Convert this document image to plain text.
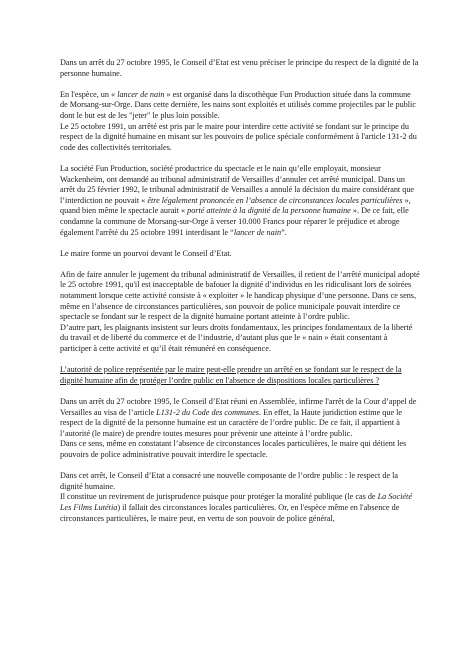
Dans un arrêt du 27 octobre 1995, le Conseil d’Etat est venu préciser le principe du respect de la dignité de la personne humaine.

En l'espèce, un « lancer de nain » est organisé dans la discothèque Fun Production située dans la commune de Morsang-sur-Orge. Dans cette dernière, les nains sont exploités et utilisés comme projectiles par le public dont le but est de les "jeter" le plus loin possible.
Le 25 octobre 1991, un arrêté est pris par le maire pour interdire cette activité se fondant sur le principe du respect de la dignité humaine en misant sur les pouvoirs de police spéciale conformément à l'article 131-2 du code des collectivités territoriales.

La société Fun Production, société productrice du spectacle et le nain qu’elle employait, monsieur Wackenheim, ont demandé au tribunal administratif de Versailles d’annuler cet arrêté municipal. Dans un arrêt du 25 février 1992, le tribunal administratif de Versailles a annulé la décision du maire considérant que l’interdiction ne pouvait « être légalement prononcée en l’absence de circonstances locales particulières », quand bien même le spectacle aurait « porté atteinte à la dignité de la personne humaine ». De ce fait, elle condamne la commune de Morsang-sur-Orge à verser 10.000 Francs pour réparer le préjudice et abroge également l'arrêté du 25 octobre 1991 interdisant le “lancer de nain”.

Le maire forme un pourvoi devant le Conseil d’Etat.

Afin de faire annuler le jugement du tribunal administratif de Versailles, il retient de l’arrêté municipal adopté le 25 octobre 1991, qu'il est inacceptable de bafouer la dignité d’individus en les ridiculisant lors de soirées notamment lorsque cette activité consiste à « exploiter » le handicap physique d’une personne. Dans ce sens, même en l’absence de circonstances particulières, son pouvoir de police municipale pouvait interdire ce spectacle se fondant sur le respect de la dignité humaine portant atteinte à l’ordre public.
D’autre part, les plaignants insistent sur leurs droits fondamentaux, les principes fondamentaux de la liberté du travail et de liberté du commerce et de l’industrie, d’autant plus que le « nain » était consentant à participer à cette activité et qu’il était rémunéré en conséquence.

L’autorité de police représentée par le maire peut-elle prendre un arrêté en se fondant sur le respect de la dignité humaine afin de protéger l’ordre public en l'absence de dispositions locales particulières ?

Dans un arrêt du 27 octobre 1995, le Conseil d’Etat réuni en Assemblée, infirme l'arrêt de la Cour d’appel de Versailles au visa de l’article L131-2 du Code des communes. En effet, la Haute juridiction estime que le respect de la dignité de la personne humaine est un caractère de l’ordre public. De ce fait, il appartient à l’autorité (le maire) de prendre toutes mesures pour prévenir une atteinte à l’ordre public.
Dans ce sens, même en constatant l’absence de circonstances locales particulières, le maire qui détient les pouvoirs de police administrative pouvait interdire le spectacle.

Dans cet arrêt, le Conseil d’Etat a consacré une nouvelle composante de l’ordre public : le respect de la dignité humaine.
Il constitue un revirement de jurisprudence puisque pour protéger la moralité publique (le cas de La Société Les Films Lutétia) il fallait des circonstances locales particulières. Or, en l'espèce même en l'absence de circonstances particulières, le maire peut, en vertu de son pouvoir de police général,
